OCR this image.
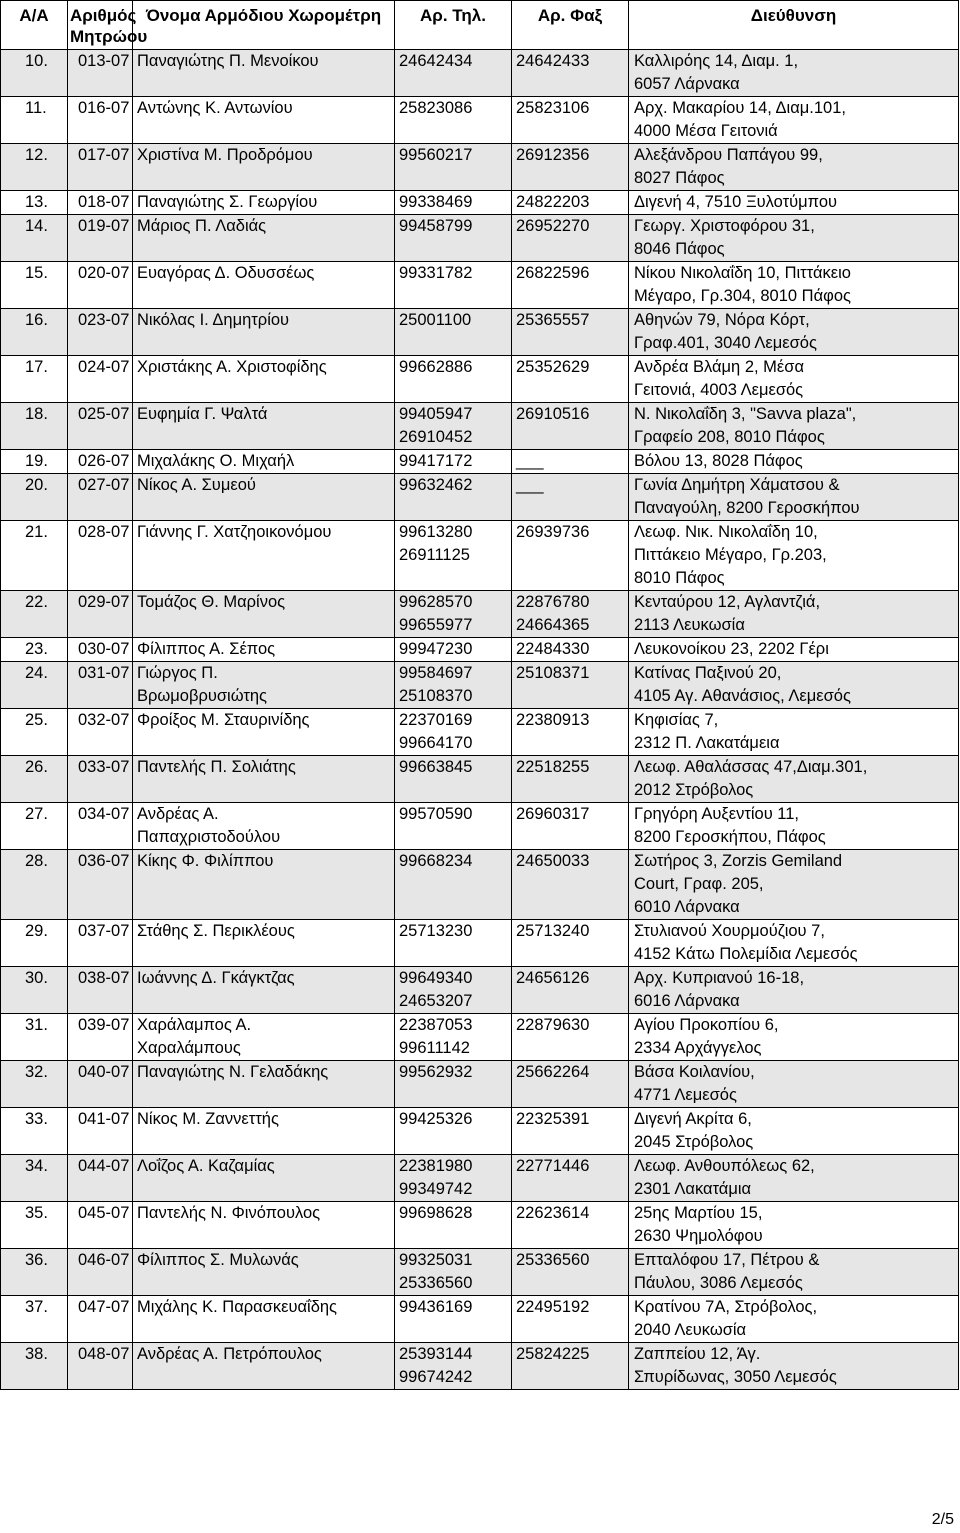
Α/Α	Αριθμός Μητρώου	Όνομα Αρμόδιου Χωρομέτρη	Αρ. Τηλ.	Αρ. Φαξ	Διεύθυνση
10.	013-07	Παναγιώτης Π. Μενοίκου	24642434	24642433	Καλλιρόης 14, Διαμ. 1,
6057 Λάρνακα
11.	016-07	Αντώνης Κ. Αντωνίου	25823086	25823106	Αρχ. Μακαρίου 14, Διαμ.101,
4000 Μέσα Γειτονιά
12.	017-07	Χριστίνα Μ. Προδρόμου	99560217	26912356	Αλεξάνδρου Παπάγου 99,
8027 Πάφος
13.	018-07	Παναγιώτης Σ. Γεωργίου	99338469	24822203	Διγενή 4, 7510 Ξυλοτύμπου
14.	019-07	Μάριος Π. Λαδιάς	99458799	26952270	Γεωργ. Χριστοφόρου 31,
8046 Πάφος
15.	020-07	Ευαγόρας Δ. Οδυσσέως	99331782	26822596	Νίκου Νικολαΐδη 10, Πιττάκειο
Μέγαρο, Γρ.304, 8010 Πάφος
16.	023-07	Νικόλας Ι. Δημητρίου	25001100	25365557	Αθηνών 79, Νόρα Κόρτ,
Γραφ.401, 3040 Λεμεσός
17.	024-07	Χριστάκης Α. Χριστοφίδης	99662886	25352629	Ανδρέα Βλάμη 2, Μέσα
Γειτονιά, 4003 Λεμεσός
18.	025-07	Ευφημία Γ. Ψαλτά	99405947
26910452	26910516	Ν. Νικολαΐδη 3, "Savva plaza",
Γραφείο 208, 8010 Πάφος
19.	026-07	Μιχαλάκης Ο. Μιχαήλ	99417172	___	Βόλου 13, 8028 Πάφος
20.	027-07	Νίκος Α. Συμεού	99632462	___	Γωνία Δημήτρη Χάματσου &
Παναγούλη, 8200 Γεροσκήπου
21.	028-07	Γιάννης Γ. Χατζηοικονόμου	99613280
26911125	26939736	Λεωφ. Νικ. Νικολαΐδη 10,
Πιττάκειο Μέγαρο, Γρ.203,
8010 Πάφος
22.	029-07	Τομάζος Θ. Μαρίνος	99628570
99655977	22876780
24664365	Κενταύρου 12, Αγλαντζιά,
2113 Λευκωσία
23.	030-07	Φίλιππος Α. Σέπος	99947230	22484330	Λευκονοίκου 23, 2202 Γέρι
24.	031-07	Γιώργος Π.
Βρωμοβρυσιώτης	99584697
25108370	25108371	Κατίνας Παξινού 20,
4105 Αγ. Αθανάσιος, Λεμεσός
25.	032-07	Φροίξος Μ. Σταυρινίδης	22370169
99664170	22380913	Κηφισίας 7,
2312 Π. Λακατάμεια
26.	033-07	Παντελής Π. Σολιάτης	99663845	22518255	Λεωφ. Αθαλάσσας 47,Διαμ.301,
2012 Στρόβολος
27.	034-07	Ανδρέας Α.
Παπαχριστοδούλου	99570590	26960317	Γρηγόρη Αυξεντίου 11,
8200 Γεροσκήπου, Πάφος
28.	036-07	Κίκης Φ. Φιλίππου	99668234	24650033	Σωτήρος 3, Zorzis Gemiland
Court, Γραφ. 205,
6010 Λάρνακα
29.	037-07	Στάθης Σ. Περικλέους	25713230	25713240	Στυλιανού Χουρμούζιου 7,
4152 Κάτω Πολεμίδια Λεμεσός
30.	038-07	Ιωάννης Δ. Γκάγκτζας	99649340
24653207	24656126	Αρχ. Κυπριανού 16-18,
6016 Λάρνακα
31.	039-07	Χαράλαμπος Α.
Χαραλάμπους	22387053
99611142	22879630	Αγίου Προκοπίου 6,
2334 Αρχάγγελος
32.	040-07	Παναγιώτης Ν. Γελαδάκης	99562932	25662264	Βάσα Κοιλανίου,
4771 Λεμεσός
33.	041-07	Νίκος Μ. Ζαννεττής	99425326	22325391	Διγενή Ακρίτα 6,
2045 Στρόβολος
34.	044-07	Λοΐζος Α. Καζαμίας	22381980
99349742	22771446	Λεωφ. Ανθουπόλεως 62,
2301 Λακατάμια
35.	045-07	Παντελής Ν. Φινόπουλος	99698628	22623614	25ης Μαρτίου 15,
2630 Ψημολόφου
36.	046-07	Φίλιππος Σ. Μυλωνάς	99325031
25336560	25336560	Επταλόφου 17, Πέτρου &
Πάυλου, 3086 Λεμεσός
37.	047-07	Μιχάλης Κ. Παρασκευαΐδης	99436169	22495192	Κρατίνου 7Α, Στρόβολος,
2040 Λευκωσία
38.	048-07	Ανδρέας Α. Πετρόπουλος	25393144
99674242	25824225	Ζαππείου 12, Άγ.
Σπυρίδωνας, 3050 Λεμεσός
2/5
